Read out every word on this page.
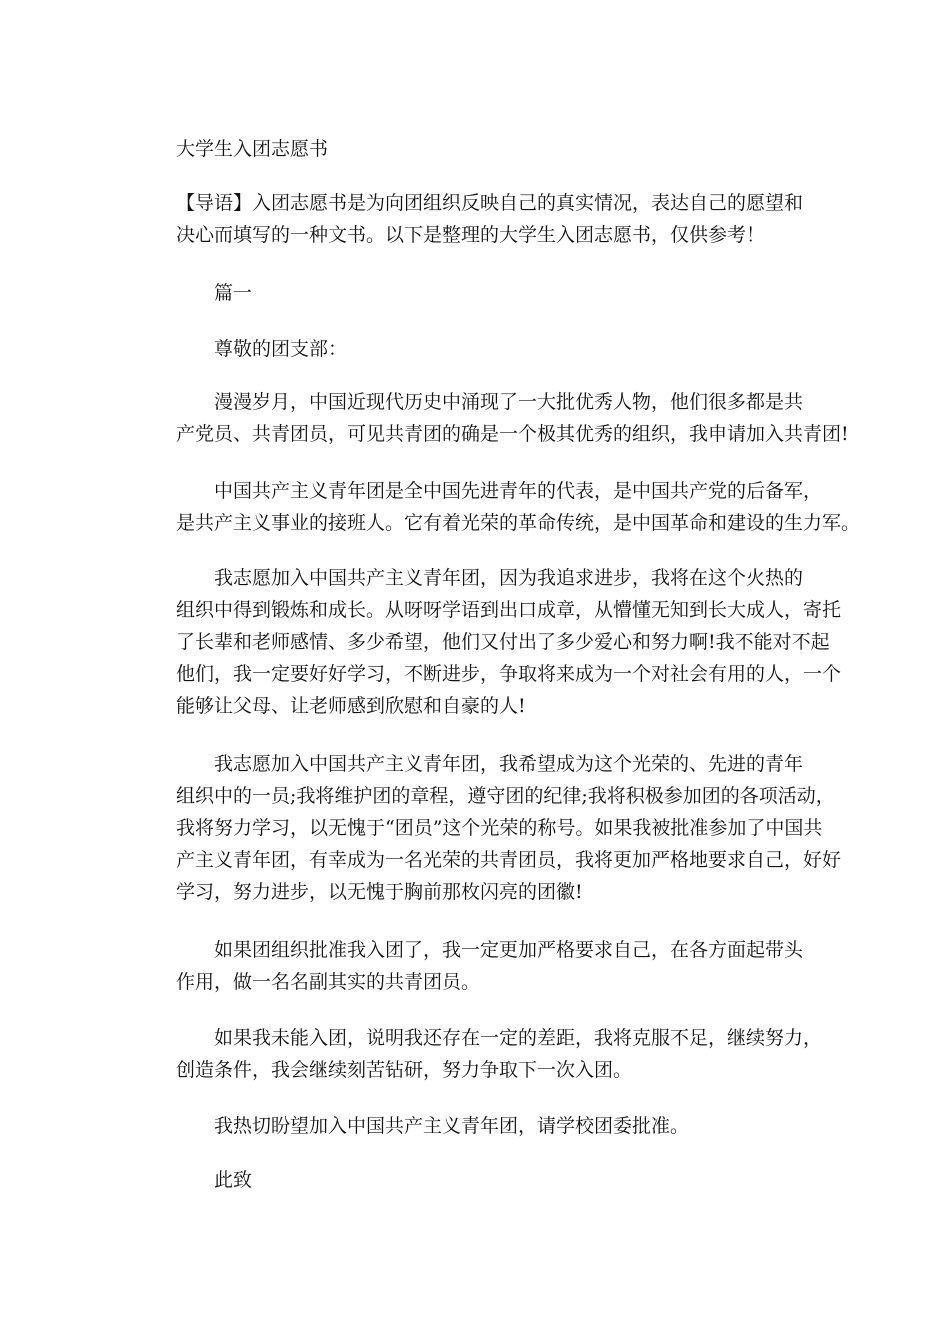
大学生入团志愿书

【导语】入团志愿书是为向团组织反映自己的真实情况，表达自己的愿望和
决心而填写的一种文书。以下是整理的大学生入团志愿书，仅供参考！

篇一

尊敬的团支部：

漫漫岁月，中国近现代历史中涌现了一大批优秀人物，他们很多都是共
产党员、共青团员，可见共青团的确是一个极其优秀的组织，我申请加入共青团!

中国共产主义青年团是全中国先进青年的代表，是中国共产党的后备军，
是共产主义事业的接班人。它有着光荣的革命传统，是中国革命和建设的生力军。

我志愿加入中国共产主义青年团，因为我追求进步，我将在这个火热的
组织中得到锻炼和成长。从呀呀学语到出口成章，从懵懂无知到长大成人，寄托
了长辈和老师感情、多少希望，他们又付出了多少爱心和努力啊!我不能对不起
他们，我一定要好好学习，不断进步，争取将来成为一个对社会有用的人，一个
能够让父母、让老师感到欣慰和自豪的人!

我志愿加入中国共产主义青年团，我希望成为这个光荣的、先进的青年
组织中的一员;我将维护团的章程，遵守团的纪律;我将积极参加团的各项活动，
我将努力学习，以无愧于“团员”这个光荣的称号。如果我被批准参加了中国共
产主义青年团，有幸成为一名光荣的共青团员，我将更加严格地要求自己，好好
学习，努力进步，以无愧于胸前那枚闪亮的团徽!

如果团组织批准我入团了，我一定更加严格要求自己，在各方面起带头
作用，做一名名副其实的共青团员。

如果我未能入团，说明我还存在一定的差距，我将克服不足，继续努力，
创造条件，我会继续刻苦钻研，努力争取下一次入团。

我热切盼望加入中国共产主义青年团，请学校团委批准。

此致
